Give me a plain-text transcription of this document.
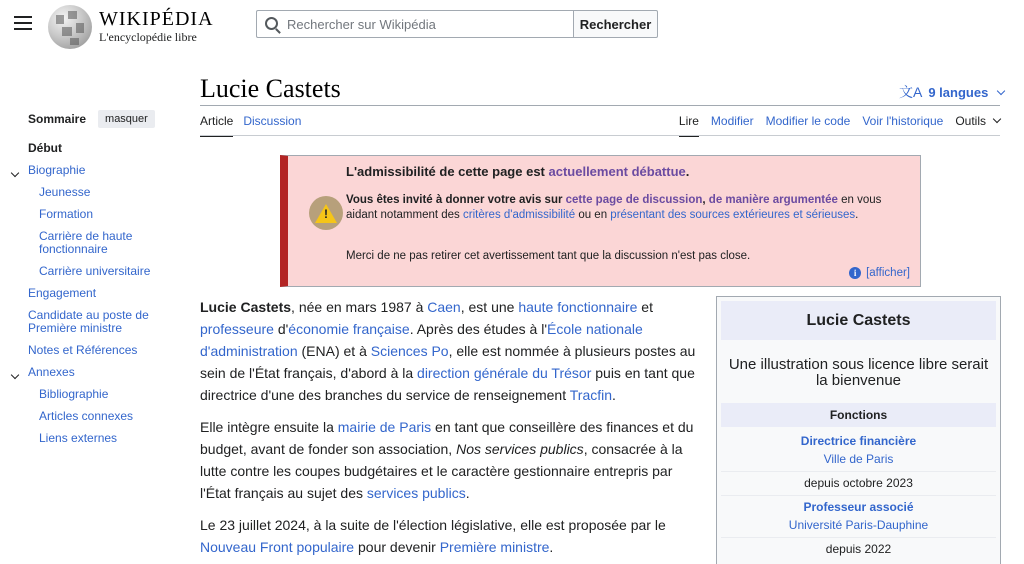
WIKIPÉDIA
L'encyclopédie libre
Rechercher sur Wikipédia
Rechercher
Sommaire	masquer
Début
Biographie
Jeunesse
Formation
Carrière de haute fonctionnaire
Carrière universitaire
Engagement
Candidate au poste de Première ministre
Notes et Références
Annexes
Bibliographie
Articles connexes
Liens externes
Lucie Castets	文A 9 langues
Article Discussion	Lire Modifier Modifier le code Voir l'historique Outils
L'admissibilité de cette page est actuellement débattue.
!
Vous êtes invité à donner votre avis sur cette page de discussion, de manière argumentée en vous aidant notamment des critères d'admissibilité ou en présentant des sources extérieures et sérieuses.
Merci de ne pas retirer cet avertissement tant que la discussion n'est pas close.
i [afficher]

Lucie Castets, née en mars 1987 à Caen, est une haute fonctionnaire et professeure d'économie française. Après des études à l'École nationale d'administration (ENA) et à Sciences Po, elle est nommée à plusieurs postes au sein de l'État français, d'abord à la direction générale du Trésor puis en tant que directrice d'une des branches du service de renseignement Tracfin.

Elle intègre ensuite la mairie de Paris en tant que conseillère des finances et du budget, avant de fonder son association, Nos services publics, consacrée à la lutte contre les coupes budgétaires et le caractère gestionnaire entrepris par l'État français au sujet des services publics.

Le 23 juillet 2024, à la suite de l'élection législative, elle est proposée par le Nouveau Front populaire pour devenir Première ministre.

Lucie Castets
Une illustration sous licence libre serait la bienvenue
Fonctions
Directrice financière
Ville de Paris
depuis octobre 2023
Professeur associé
Université Paris-Dauphine
depuis 2022
